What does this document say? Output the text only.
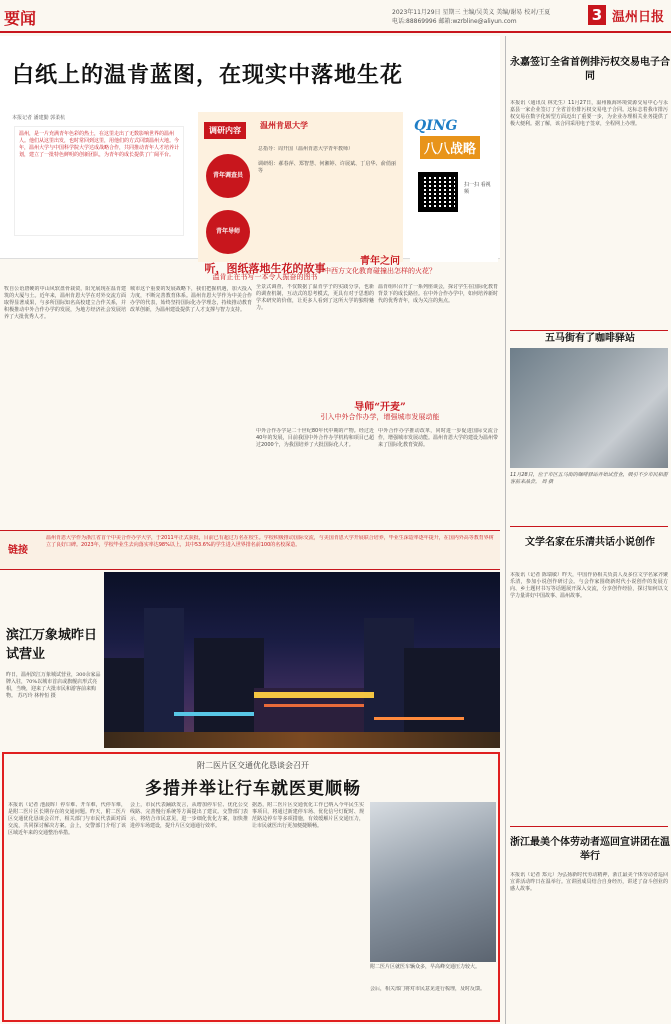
要闻	2023年11月29日 星期三 主编/吴美义 美编/谢易 校对/王夏
电话:88869996 邮箱:wzrbline@aliyun.com	3 温州日报
白纸上的温肯蓝图，在现实中落地生花
本报记者 潘建勤 郭柔杭
温州，是一片充满青年色彩的热土，在这里走出了无数影响世界的温州人。他们从这里出发，也时常回到这里，用他们的方式回馈温州大地。今年，温州大学与中国科学院大学达成战略合作，共同推动青年人才培养计划，建立了一批特色鲜明的创新团队，为青年的成长提供了广阔平台。
调研内容
温州肯恩大学
青年调查员
青年导师
总指导：周开国（温州肯恩大学青年教师）
调研组：郝春萍、郑智慧、何湘婷、许展斌、丁启华、俞俏丽等
QING
八八战略
扫一扫 看视频
听，图纸落地生花的故事
温肯正在书写一本令人振奋的图书
牧自公语唐硬的中山风软盘骨栽资，阳光展现在温肯建筑的大厦与土。近年来，温州肯恩大学在对外交流方面取得显著成果，与多所国际知名高校建立合作关系，并积极推动中外合作办学的发展，为地方经济社会发展培养了大批优秀人才。
城市这个重要的发展战略下，我们把握机遇，加大投入力度，不断完善教育体系。温州肯恩大学作为中美合作办学的代表，始终坚持国际化办学理念，持续推动教育改革创新，为温州建设提供了人才支撑与智力支持。
青年之问
中西方文化教育碰撞出怎样的火花？
全景式调查，不仅数据了温肯学子的实践分享，也新的调查机制，互动式的思考模式，更具有对于思想的学术研究的价值，让更多人看到了这所大学的独特魅力。
温肯组织召开了一系列座谈会，探讨学生在国际化教育背景下的成长路径。在中外合作办学中，如何培养新时代的优秀青年，成为关注的焦点。
导师“开麦”
引入中外合作办学，增强城市发展动能
中外合作办学是二十世纪80年代中期的产物。经过近40年的发展，目前我国中外合作办学机构和项目已超过2000个，为我国培养了大批国际化人才。
中外合作办学推动改革，同时进一步促进国际交流合作，增强城市发展动能。温州肯恩大学的建设为温州带来了国际化教育资源。
链接
温州肯恩大学作为浙江省首个中美合作办学大学，于2011年正式获批，目前已有超过万名在校生。学校积极推动国际交流，与美国肯恩大学开展联合培养，毕业生深造率逐年提升，在国内外高等教育界树立了良好口碑。2023年，学校毕业生去向落实率达98%以上，其中53.6%的学生进入世界排名前100的名校深造。
滨江万象城昨日试营业
昨日，温州滨江万象城试营业，300余家品牌入驻，70%以城市首店或旗舰店形式亮相，当晚，迎来了大批市民和游客前来购物。 苏巧玲 林梓恒 摄
附二医片区交通优化恳谈会召开
多措并举让行车就医更顺畅
本报讯（记者 池晨晖）停车难、开车难，代停车难，是附二医片区长期存在的交通问题。昨天，附二医片区交通优化恳谈会召开，相关部门与市民代表面对面交流，共同探讨解决方案。会上，交警部门介绍了该区域近年来的交通整治举措。
会上，市民代表踊跃发言，从增加停车位、优化公交线路、完善慢行系统等方面提出了建议。交警部门表示，将结合市民意见，进一步细化优化方案，加快推进停车场建设，提升片区交通通行效率。
据悉，附二医片区交通优化工作已纳入今年民生实事项目，将通过新建停车场、优化信号灯配时、规范路边停车等多项措施，有效缓解片区交通压力，让市民就医出行更加便捷顺畅。
附二医片区就医车辆众多，早高峰交通压力较大。
会后，相关部门将对市民意见进行梳理，及时反馈。
永嘉签订全省首例排污权交易电子合同
本报讯（通讯员 林先生）11月27日，温州瓯海环境资源交易中心与永嘉县一家企业签订了全省首份排污权交易电子合同。这标志着我市排污权交易在数字化转型方面迈出了重要一步，为企业办理相关业务提供了极大便利。据了解，该合同采用电子签章，全程网上办理。
五马街有了咖啡驿站
11月28日，位于市区五马街的咖啡驿站开始试营业，吸引不少市民和游客前来品尝。 周 摄
文学名家在乐清共话小说创作
本报讯（记者 陈瑞敏）昨天，中国作协相关负责人及多位文学名家齐聚乐清，参加小说创作研讨会。与会作家围绕新时代小说创作的发展方向、乡土题材书写等话题展开深入交流，分享创作经验，探讨如何以文学力量讲好中国故事、温州故事。
浙江最美个体劳动者巡回宣讲团在温举行
本报讯（记者 郑元）为弘扬新时代劳动精神，浙江最美个体劳动者巡回宣讲活动昨日在温举行。宣讲团成员结合自身经历，讲述了奋斗创业的感人故事。
